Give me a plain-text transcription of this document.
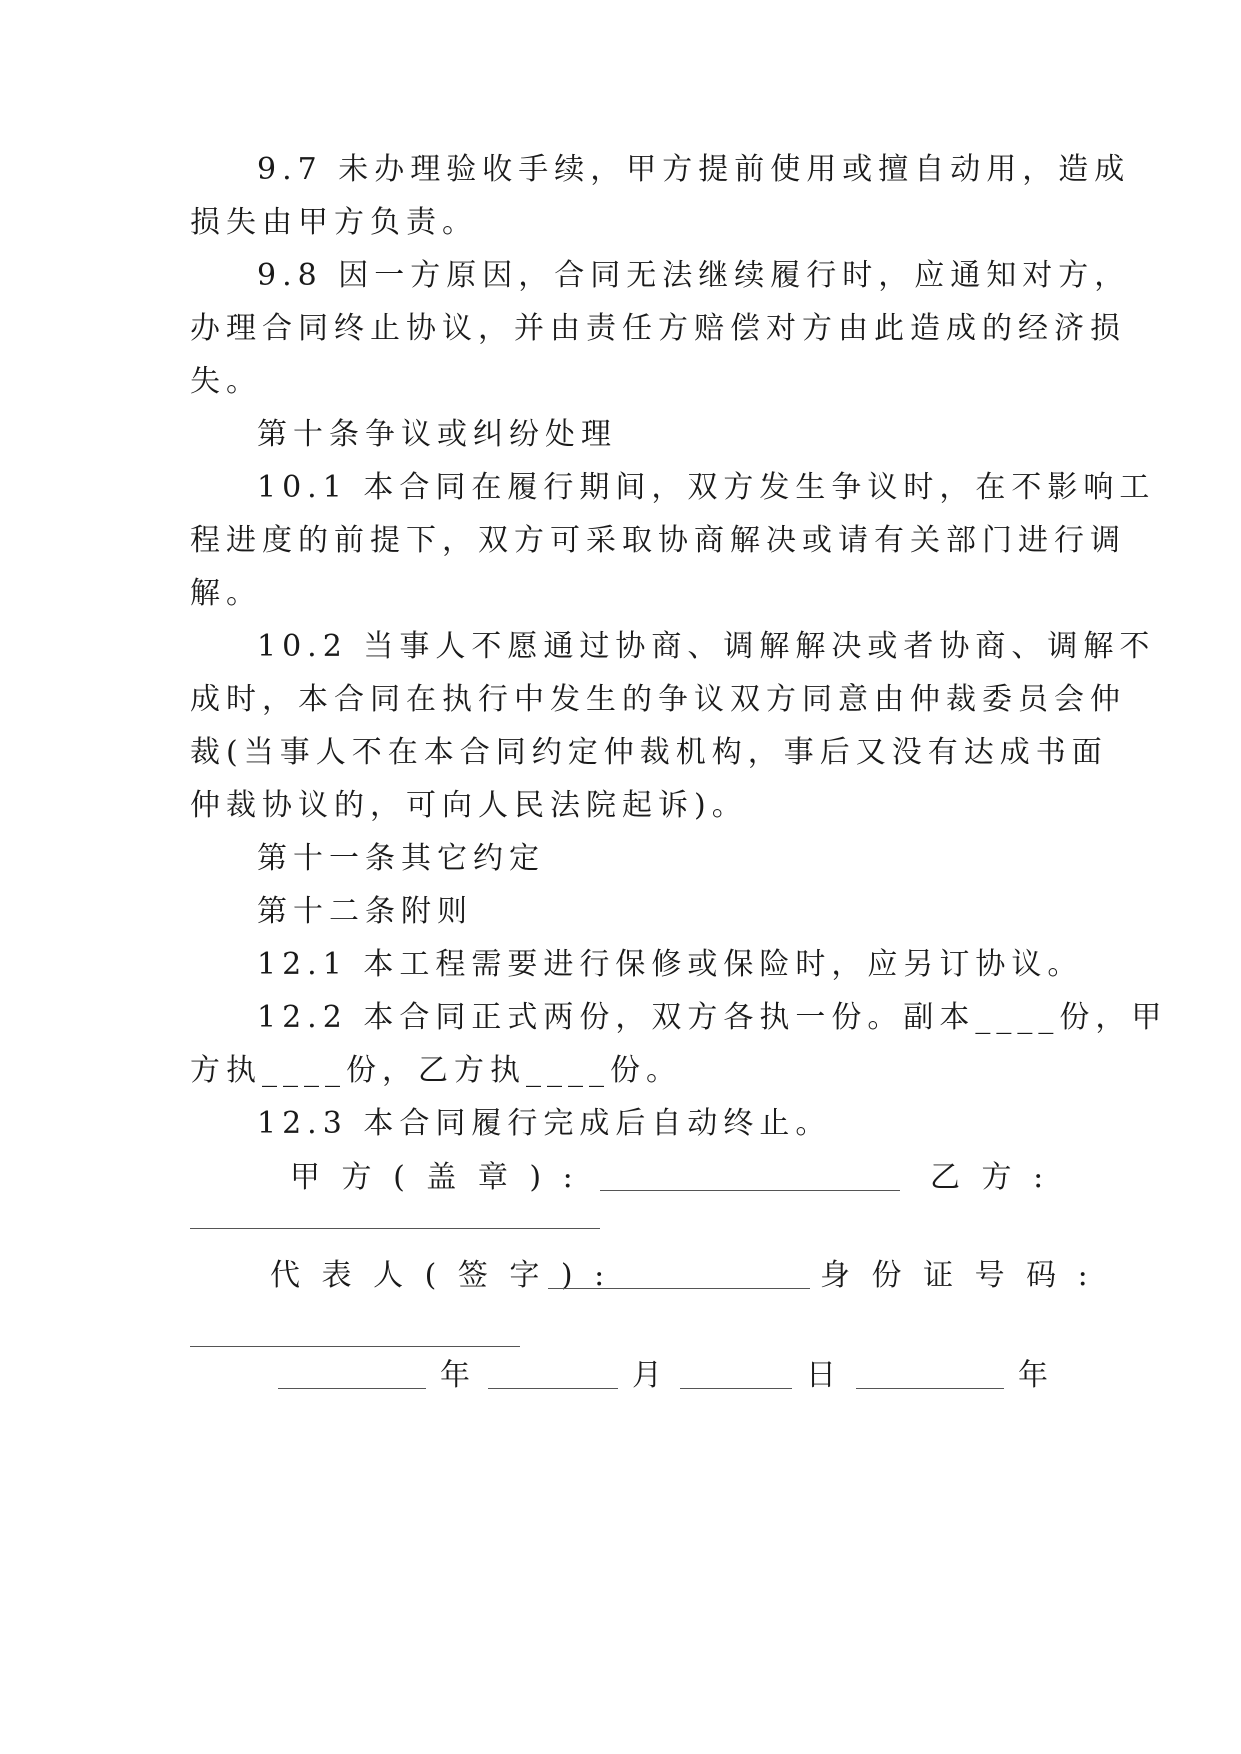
9.7 未办理验收手续，甲方提前使用或擅自动用，造成
损失由甲方负责。
9.8 因一方原因，合同无法继续履行时，应通知对方，
办理合同终止协议，并由责任方赔偿对方由此造成的经济损
失。
第十条争议或纠纷处理
10.1 本合同在履行期间，双方发生争议时，在不影响工
程进度的前提下，双方可采取协商解决或请有关部门进行调
解。
10.2 当事人不愿通过协商、调解解决或者协商、调解不
成时，本合同在执行中发生的争议双方同意由仲裁委员会仲
裁(当事人不在本合同约定仲裁机构，事后又没有达成书面
仲裁协议的，可向人民法院起诉)。
第十一条其它约定
第十二条附则
12.1 本工程需要进行保修或保险时，应另订协议。
12.2 本合同正式两份，双方各执一份。副本____份，甲
方执____份，乙方执____份。
12.3 本合同履行完成后自动终止。
甲 方 ( 盖 章 ) :	乙 方 :
代 表 人 ( 签 字 ) :	身 份 证 号 码 :
年	月	日	年
